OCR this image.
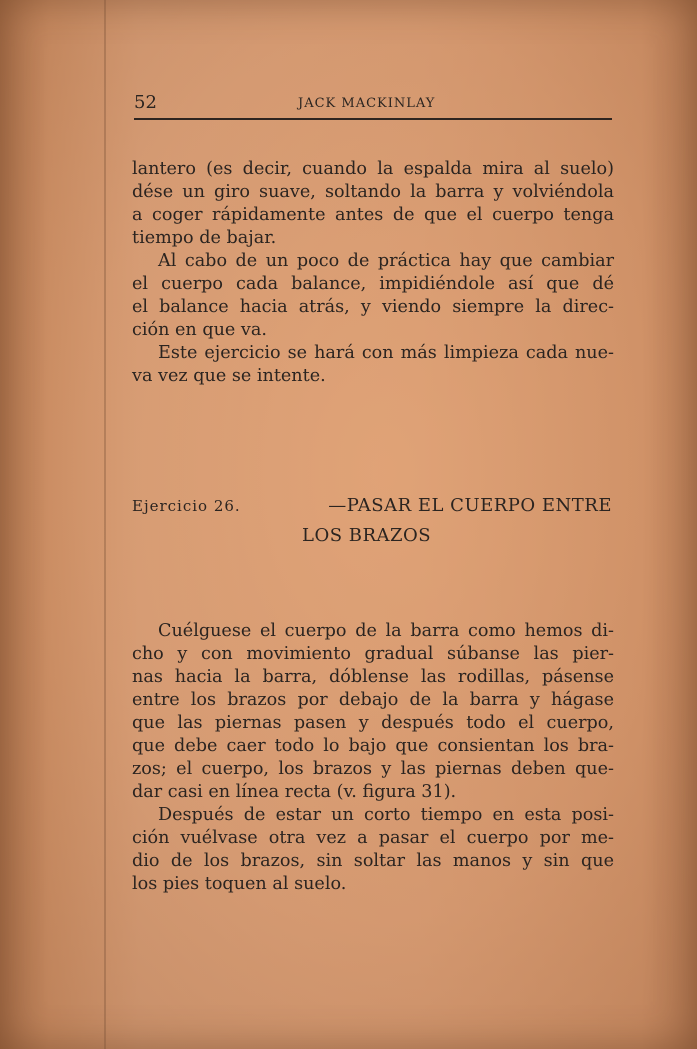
52	JACK MACKINLAY
lantero (es decir, cuando la espalda mira al suelo)
dése un giro suave, soltando la barra y volviéndola
a coger rápidamente antes de que el cuerpo tenga
tiempo de bajar.
Al cabo de un poco de práctica hay que cambiar
el cuerpo cada balance, impidiéndole así que dé
el balance hacia atrás, y viendo siempre la direc-
ción en que va.
Este ejercicio se hará con más limpieza cada nue-
va vez que se intente.
Ejercicio 26.	—PASAR EL CUERPO ENTRE
LOS BRAZOS
Cuélguese el cuerpo de la barra como hemos di-
cho y con movimiento gradual súbanse las pier-
nas hacia la barra, dóblense las rodillas, pásense
entre los brazos por debajo de la barra y hágase
que las piernas pasen y después todo el cuerpo,
que debe caer todo lo bajo que consientan los bra-
zos; el cuerpo, los brazos y las piernas deben que-
dar casi en línea recta (v. figura 31).
Después de estar un corto tiempo en esta posi-
ción vuélvase otra vez a pasar el cuerpo por me-
dio de los brazos, sin soltar las manos y sin que
los pies toquen al suelo.
